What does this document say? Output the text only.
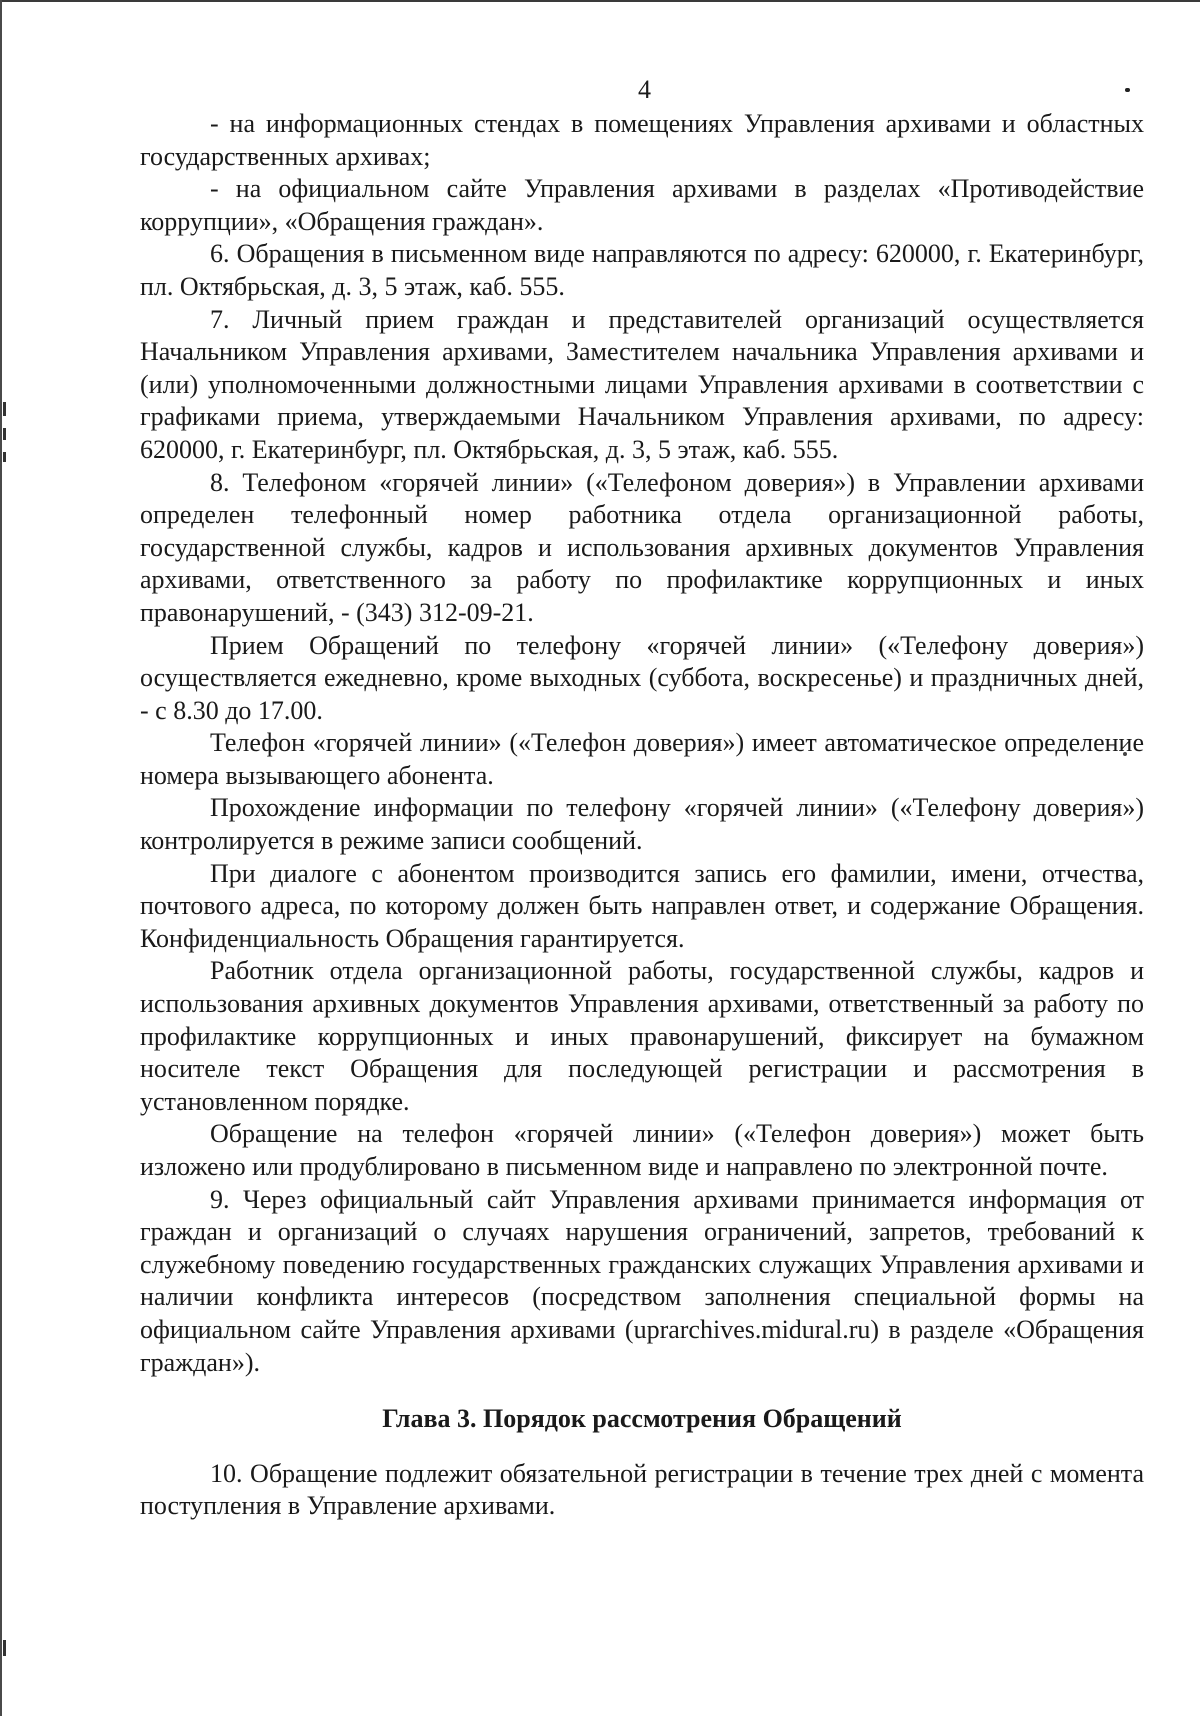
4

- на информационных стендах в помещениях Управления архивами и областных государственных архивах;

- на официальном сайте Управления архивами в разделах «Противодействие коррупции», «Обращения граждан».

6. Обращения в письменном виде направляются по адресу: 620000, г. Екатеринбург, пл. Октябрьская, д. 3, 5 этаж, каб. 555.

7. Личный прием граждан и представителей организаций осуществляется Начальником Управления архивами, Заместителем начальника Управления архивами и (или) уполномоченными должностными лицами Управления архивами в соответствии с графиками приема, утверждаемыми Начальником Управления архивами, по адресу: 620000, г. Екатеринбург, пл. Октябрьская, д. 3, 5 этаж, каб. 555.

8. Телефоном «горячей линии» («Телефоном доверия») в Управлении архивами определен телефонный номер работника отдела организационной работы, государственной службы, кадров и использования архивных документов Управления архивами, ответственного за работу по профилактике коррупционных и иных правонарушений, - (343) 312-09-21.

Прием Обращений по телефону «горячей линии» («Телефону доверия») осуществляется ежедневно, кроме выходных (суббота, воскресенье) и праздничных дней, - с 8.30 до 17.00.

Телефон «горячей линии» («Телефон доверия») имеет автоматическое определение номера вызывающего абонента.

Прохождение информации по телефону «горячей линии» («Телефону доверия») контролируется в режиме записи сообщений.

При диалоге с абонентом производится запись его фамилии, имени, отчества, почтового адреса, по которому должен быть направлен ответ, и содержание Обращения. Конфиденциальность Обращения гарантируется.

Работник отдела организационной работы, государственной службы, кадров и использования архивных документов Управления архивами, ответственный за работу по профилактике коррупционных и иных правонарушений, фиксирует на бумажном носителе текст Обращения для последующей регистрации и рассмотрения в установленном порядке.

Обращение на телефон «горячей линии» («Телефон доверия») может быть изложено или продублировано в письменном виде и направлено по электронной почте.

9. Через официальный сайт Управления архивами принимается информация от граждан и организаций о случаях нарушения ограничений, запретов, требований к служебному поведению государственных гражданских служащих Управления архивами и наличии конфликта интересов (посредством заполнения специальной формы на официальном сайте Управления архивами (uprarchives.midural.ru) в разделе «Обращения граждан»).

Глава 3. Порядок рассмотрения Обращений

10. Обращение подлежит обязательной регистрации в течение трех дней с момента поступления в Управление архивами.
